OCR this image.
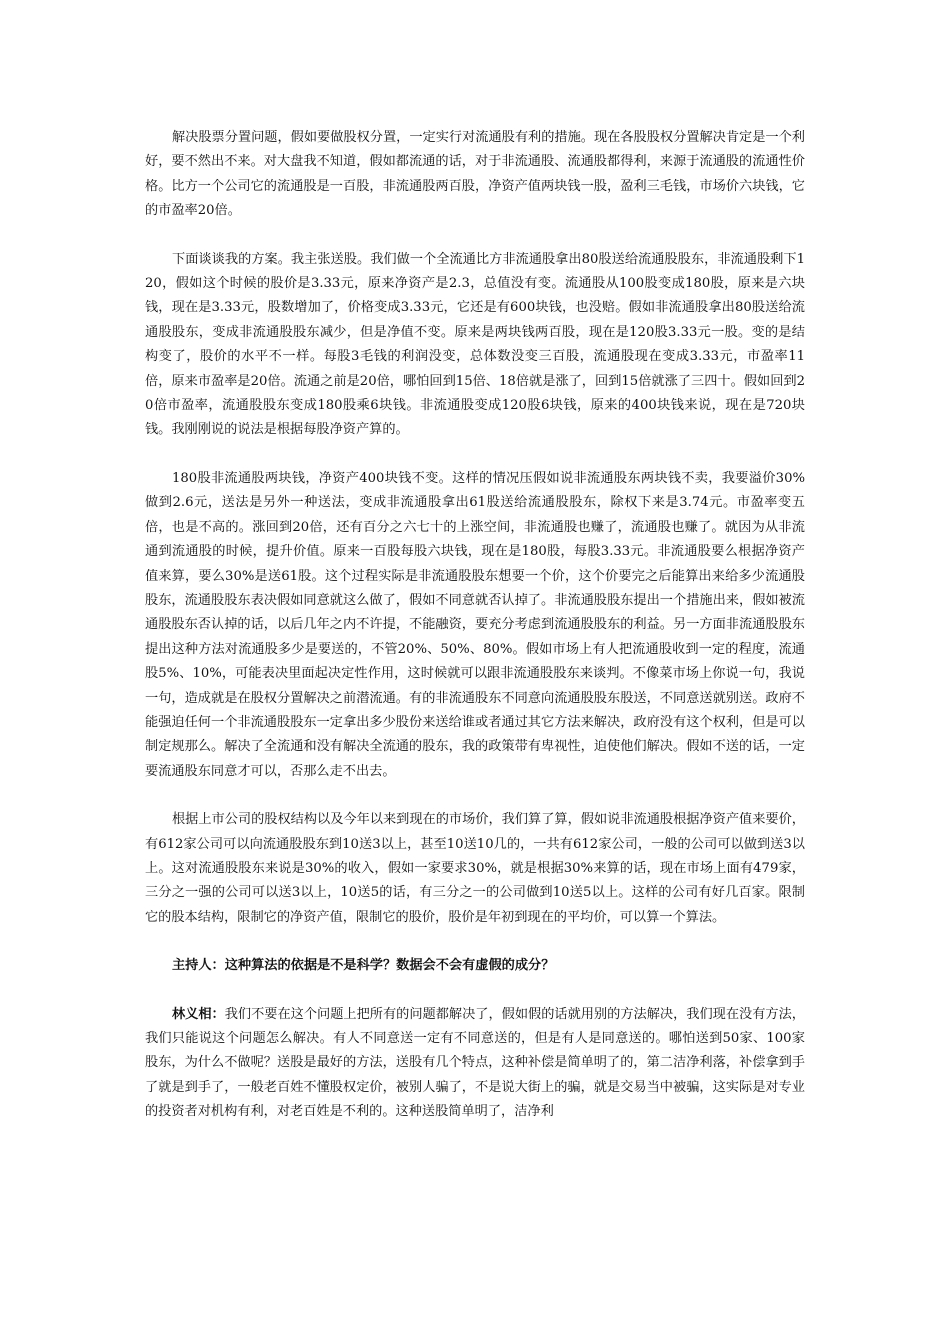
解决股票分置问题，假如要做股权分置，一定实行对流通股有利的措施。现在各股股权分置解决肯定是一个利好，要不然出不来。对大盘我不知道，假如都流通的话，对于非流通股、流通股都得利，来源于流通股的流通性价格。比方一个公司它的流通股是一百股，非流通股两百股，净资产值两块钱一股，盈利三毛钱，市场价六块钱，它的市盈率20倍。

下面谈谈我的方案。我主张送股。我们做一个全流通比方非流通股拿出80股送给流通股股东，非流通股剩下120，假如这个时候的股价是3.33元，原来净资产是2.3，总值没有变。流通股从100股变成180股，原来是六块钱，现在是3.33元，股数增加了，价格变成3.33元，它还是有600块钱，也没赔。假如非流通股拿出80股送给流通股股东，变成非流通股股东减少，但是净值不变。原来是两块钱两百股，现在是120股3.33元一股。变的是结构变了，股价的水平不一样。每股3毛钱的利润没变，总体数没变三百股，流通股现在变成3.33元，市盈率11倍，原来市盈率是20倍。流通之前是20倍，哪怕回到15倍、18倍就是涨了，回到15倍就涨了三四十。假如回到20倍市盈率，流通股股东变成180股乘6块钱。非流通股变成120股6块钱，原来的400块钱来说，现在是720块钱。我刚刚说的说法是根据每股净资产算的。

180股非流通股两块钱，净资产400块钱不变。这样的情况压假如说非流通股东两块钱不卖，我要溢价30%做到2.6元，送法是另外一种送法，变成非流通股拿出61股送给流通股股东，除权下来是3.74元。市盈率变五倍，也是不高的。涨回到20倍，还有百分之六七十的上涨空间，非流通股也赚了，流通股也赚了。就因为从非流通到流通股的时候，提升价值。原来一百股每股六块钱，现在是180股，每股3.33元。非流通股要么根据净资产值来算，要么30%是送61股。这个过程实际是非流通股股东想要一个价，这个价要完之后能算出来给多少流通股股东，流通股股东表决假如同意就这么做了，假如不同意就否认掉了。非流通股股东提出一个措施出来，假如被流通股股东否认掉的话，以后几年之内不许提，不能融资，要充分考虑到流通股股东的利益。另一方面非流通股股东提出这种方法对流通股多少是要送的，不管20%、50%、80%。假如市场上有人把流通股收到一定的程度，流通股5%、10%，可能表决里面起决定性作用，这时候就可以跟非流通股股东来谈判。不像菜市场上你说一句，我说一句，造成就是在股权分置解决之前潜流通。有的非流通股东不同意向流通股股东股送，不同意送就别送。政府不能强迫任何一个非流通股股东一定拿出多少股份来送给谁或者通过其它方法来解决，政府没有这个权利，但是可以制定规那么。解决了全流通和没有解决全流通的股东，我的政策带有卑视性，迫使他们解决。假如不送的话，一定要流通股东同意才可以，否那么走不出去。

根据上市公司的股权结构以及今年以来到现在的市场价，我们算了算，假如说非流通股根据净资产值来要价，有612家公司可以向流通股股东到10送3以上，甚至10送10几的，一共有612家公司，一般的公司可以做到送3以上。这对流通股股东来说是30%的收入，假如一家要求30%，就是根据30%来算的话，现在市场上面有479家，三分之一强的公司可以送3以上，10送5的话，有三分之一的公司做到10送5以上。这样的公司有好几百家。限制它的股本结构，限制它的净资产值，限制它的股价，股价是年初到现在的平均价，可以算一个算法。

主持人：这种算法的依据是不是科学？数据会不会有虚假的成分？

林义相：我们不要在这个问题上把所有的问题都解决了，假如假的话就用别的方法解决，我们现在没有方法，我们只能说这个问题怎么解决。有人不同意送一定有不同意送的，但是有人是同意送的。哪怕送到50家、100家股东，为什么不做呢？送股是最好的方法，送股有几个特点，这种补偿是简单明了的，第二洁净利落，补偿拿到手了就是到手了，一般老百姓不懂股权定价，被别人骗了，不是说大街上的骗，就是交易当中被骗，这实际是对专业的投资者对机构有利，对老百姓是不利的。这种送股简单明了，洁净利
